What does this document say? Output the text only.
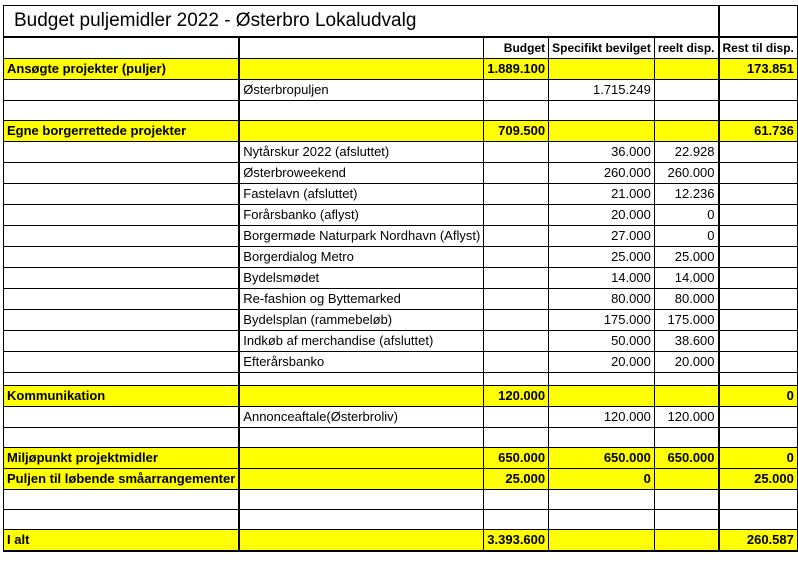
Budget puljemidler 2022 - Østerbro Lokaludvalg					
		Budget	Specifikt bevilget	reelt disp.	Rest til disp.
Ansøgte projekter (puljer)		1.889.100			173.851
	Østerbropuljen		1.715.249		

Egne borgerrettede projekter		709.500			61.736
	Nytårskur 2022 (afsluttet)		36.000	22.928	
	Østerbroweekend		260.000	260.000	
	Fastelavn (afsluttet)		21.000	12.236	
	Forårsbanko (aflyst)		20.000	0	
	Borgermøde Naturpark Nordhavn (Aflyst)		27.000	0	
	Borgerdialog Metro		25.000	25.000	
	Bydelsmødet		14.000	14.000	
	Re-fashion og Byttemarked		80.000	80.000	
	Bydelsplan (rammebeløb)		175.000	175.000	
	Indkøb af merchandise (afsluttet)		50.000	38.600	
	Efterårsbanko		20.000	20.000	

Kommunikation		120.000			0
	Annonceaftale(Østerbroliv)		120.000	120.000	

Miljøpunkt projektmidler		650.000	650.000	650.000	0
Puljen til løbende småarrangementer		25.000	0		25.000

I alt		3.393.600			260.587
